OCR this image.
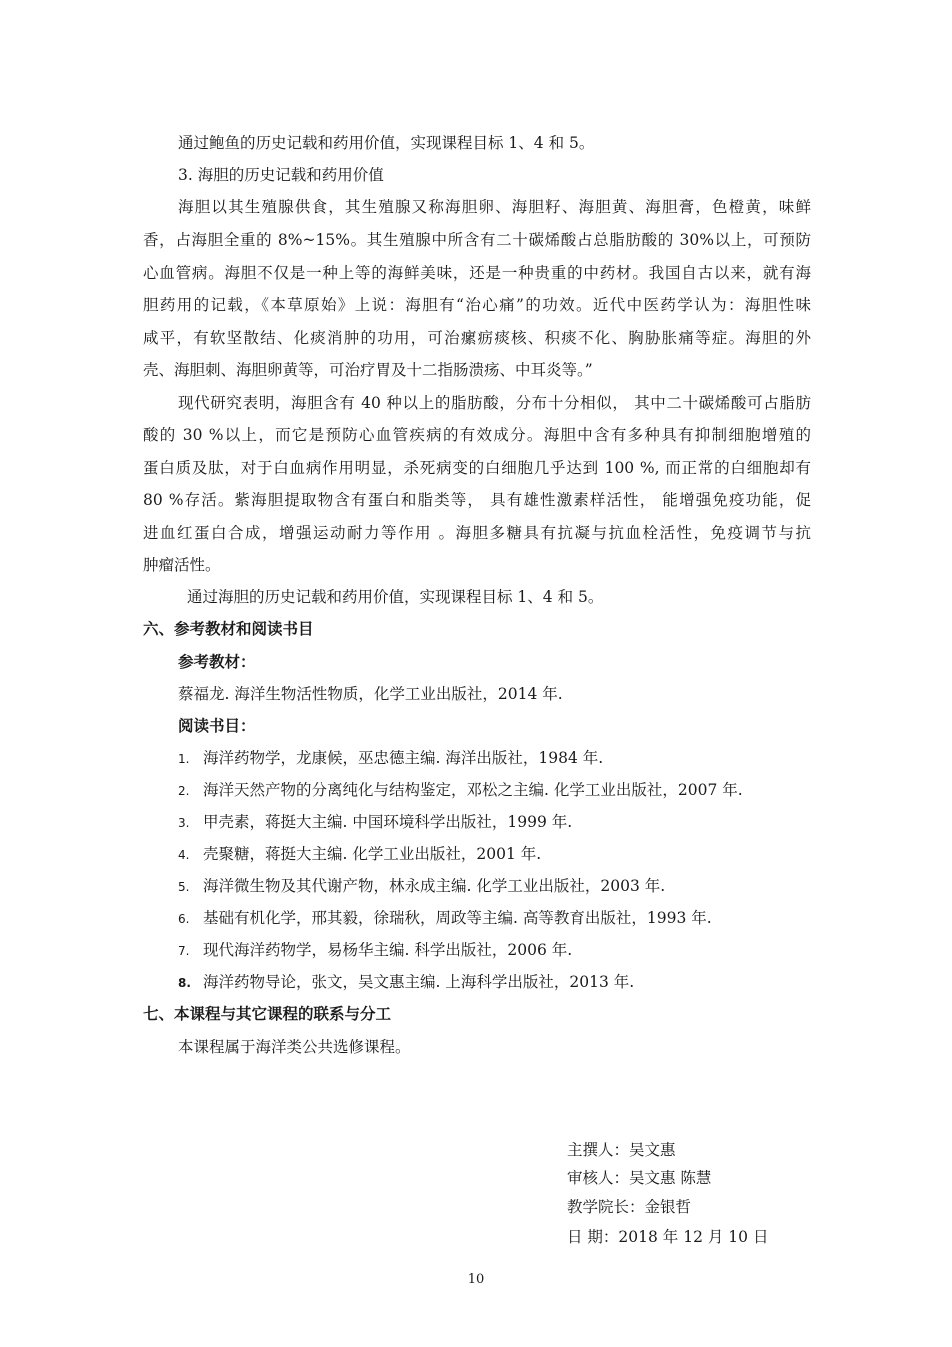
通过鲍鱼的历史记载和药用价值，实现课程目标 1、4 和 5。
3. 海胆的历史记载和药用价值
海胆以其生殖腺供食，其生殖腺又称海胆卵、海胆籽、海胆黄、海胆膏，色橙黄，味鲜
香，占海胆全重的 8%~15%。其生殖腺中所含有二十碳烯酸占总脂肪酸的 30%以上，可预防
心血管病。海胆不仅是一种上等的海鲜美味，还是一种贵重的中药材。我国自古以来，就有海
胆药用的记载，《本草原始》上说：海胆有“治心痛”的功效。近代中医药学认为：海胆性味
咸平，有软坚散结、化痰消肿的功用，可治瘰疬痰核、积痰不化、胸胁胀痛等症。海胆的外
壳、海胆刺、海胆卵黄等，可治疗胃及十二指肠溃疡、中耳炎等。”
现代研究表明，海胆含有 40 种以上的脂肪酸，分布十分相似， 其中二十碳烯酸可占脂肪
酸的 30 %以上，而它是预防心血管疾病的有效成分。海胆中含有多种具有抑制细胞增殖的
蛋白质及肽，对于白血病作用明显，杀死病变的白细胞几乎达到 100 %, 而正常的白细胞却有
80 %存活。紫海胆提取物含有蛋白和脂类等， 具有雄性激素样活性， 能增强免疫功能，促
进血红蛋白合成，增强运动耐力等作用 。海胆多糖具有抗凝与抗血栓活性，免疫调节与抗
肿瘤活性。
通过海胆的历史记载和药用价值，实现课程目标 1、4 和 5。
六、参考教材和阅读书目
参考教材：
蔡福龙. 海洋生物活性物质，化学工业出版社，2014 年.
阅读书目：
1. 海洋药物学，龙康候，巫忠德主编. 海洋出版社，1984 年.
2. 海洋天然产物的分离纯化与结构鉴定，邓松之主编. 化学工业出版社，2007 年.
3. 甲壳素，蒋挺大主编. 中国环境科学出版社，1999 年.
4. 壳聚糖，蒋挺大主编. 化学工业出版社，2001 年.
5. 海洋微生物及其代谢产物，林永成主编. 化学工业出版社，2003 年.
6. 基础有机化学，邢其毅，徐瑞秋，周政等主编. 高等教育出版社，1993 年.
7. 现代海洋药物学，易杨华主编. 科学出版社，2006 年.
8. 海洋药物导论，张文，吴文惠主编. 上海科学出版社，2013 年.
七、本课程与其它课程的联系与分工
本课程属于海洋类公共选修课程。
主撰人：吴文惠
审核人：吴文惠 陈慧
教学院长：金银哲
日 期：2018 年 12 月 10 日
10
